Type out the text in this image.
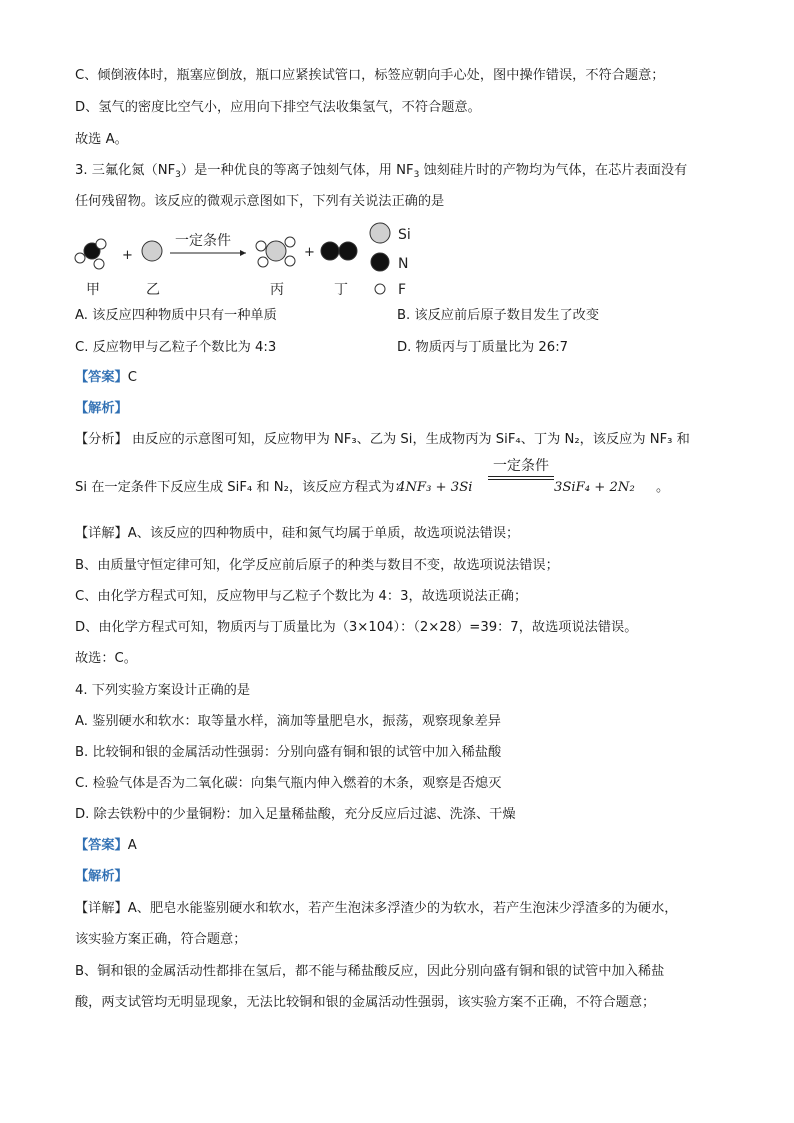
C、倾倒液体时，瓶塞应倒放，瓶口应紧挨试管口，标签应朝向手心处，图中操作错误，不符合题意；
D、氢气的密度比空气小，应用向下排空气法收集氢气，不符合题意。
故选 A。
3. 三氟化氮$(NF_3)$是一种优良的等离子蚀刻气体，用 $NF_3$ 蚀刻硅片时的产物均为气体，在芯片表面没有
任何残留物。该反应的微观示意图如下，下列有关说法正确的是
+
一定条件
+
Si
N
F
甲	乙	丙	丁
A. 该反应四种物质中只有一种单质	B. 该反应前后原子数目发生了改变
C. 反应物甲与乙粒子个数比为 4:3	D. 物质丙与丁质量比为 26:7
【答案】C
【解析】
【分析】 由反应的示意图可知，反应物甲为 NF₃、乙为 Si，生成物丙为 SiF₄、丁为 N₂，该反应为 NF₃ 和
Si 在一定条件下反应生成 SiF₄ 和 N₂，该反应方程式为：
4NF₃ + 3Si
一定条件
3SiF₄ + 2N₂ 。
【详解】A、该反应的四种物质中，硅和氮气均属于单质，故选项说法错误；
B、由质量守恒定律可知，化学反应前后原子的种类与数目不变，故选项说法错误；
C、由化学方程式可知，反应物甲与乙粒子个数比为 4：3，故选项说法正确；
D、由化学方程式可知，物质丙与丁质量比为（3×104）：（2×28）=39：7，故选项说法错误。
故选：C。
4. 下列实验方案设计正确的是
A. 鉴别硬水和软水：取等量水样，滴加等量肥皂水，振荡，观察现象差异
B. 比较铜和银的金属活动性强弱：分别向盛有铜和银的试管中加入稀盐酸
C. 检验气体是否为二氧化碳：向集气瓶内伸入燃着的木条，观察是否熄灭
D. 除去铁粉中的少量铜粉：加入足量稀盐酸，充分反应后过滤、洗涤、干燥
【答案】A
【解析】
【详解】A、肥皂水能鉴别硬水和软水，若产生泡沫多浮渣少的为软水，若产生泡沫少浮渣多的为硬水，
该实验方案正确，符合题意；
B、铜和银的金属活动性都排在氢后，都不能与稀盐酸反应，因此分别向盛有铜和银的试管中加入稀盐
酸，两支试管均无明显现象，无法比较铜和银的金属活动性强弱，该实验方案不正确，不符合题意；
